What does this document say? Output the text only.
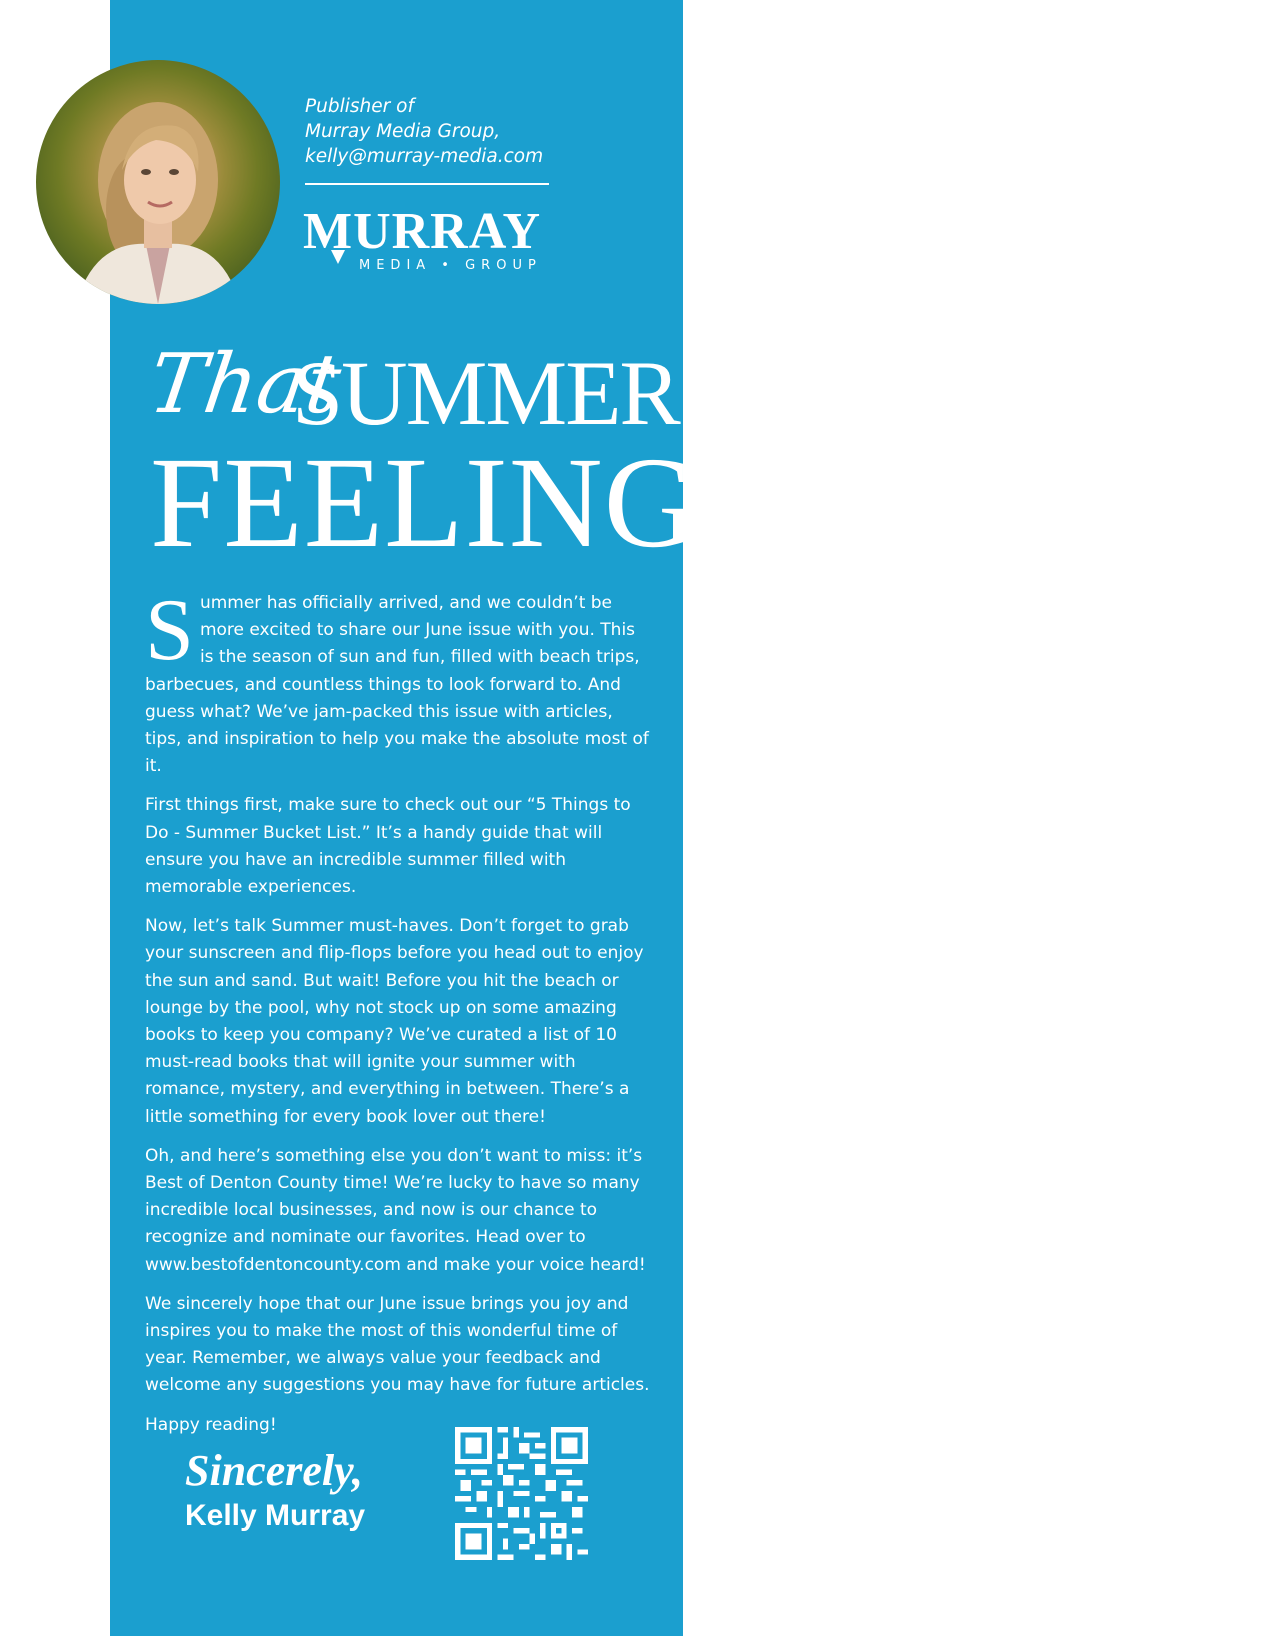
Publisher of
Murray Media Group,
kelly@murray-media.com
MURRAY
MEDIA • GROUP
That
SUMMER
FEELING

Summer has officially arrived, and we couldn’t be more excited to share our June issue with you. This is the season of sun and fun, filled with beach trips, barbecues, and countless things to look forward to. And guess what? We’ve jam-packed this issue with articles, tips, and inspiration to help you make the absolute most of it.

First things first, make sure to check out our “5 Things to Do - Summer Bucket List.” It’s a handy guide that will ensure you have an incredible summer filled with memorable experiences.

Now, let’s talk Summer must-haves. Don’t forget to grab your sunscreen and flip-flops before you head out to enjoy the sun and sand. But wait! Before you hit the beach or lounge by the pool, why not stock up on some amazing books to keep you company? We’ve curated a list of 10 must-read books that will ignite your summer with romance, mystery, and everything in between. There’s a little something for every book lover out there!

Oh, and here’s something else you don’t want to miss: it’s Best of Denton County time! We’re lucky to have so many incredible local businesses, and now is our chance to recognize and nominate our favorites. Head over to www.bestofdentoncounty.com and make your voice heard!

We sincerely hope that our June issue brings you joy and inspires you to make the most of this wonderful time of year. Remember, we always value your feedback and welcome any suggestions you may have for future articles.

Happy reading!

Sincerely,
Kelly Murray
